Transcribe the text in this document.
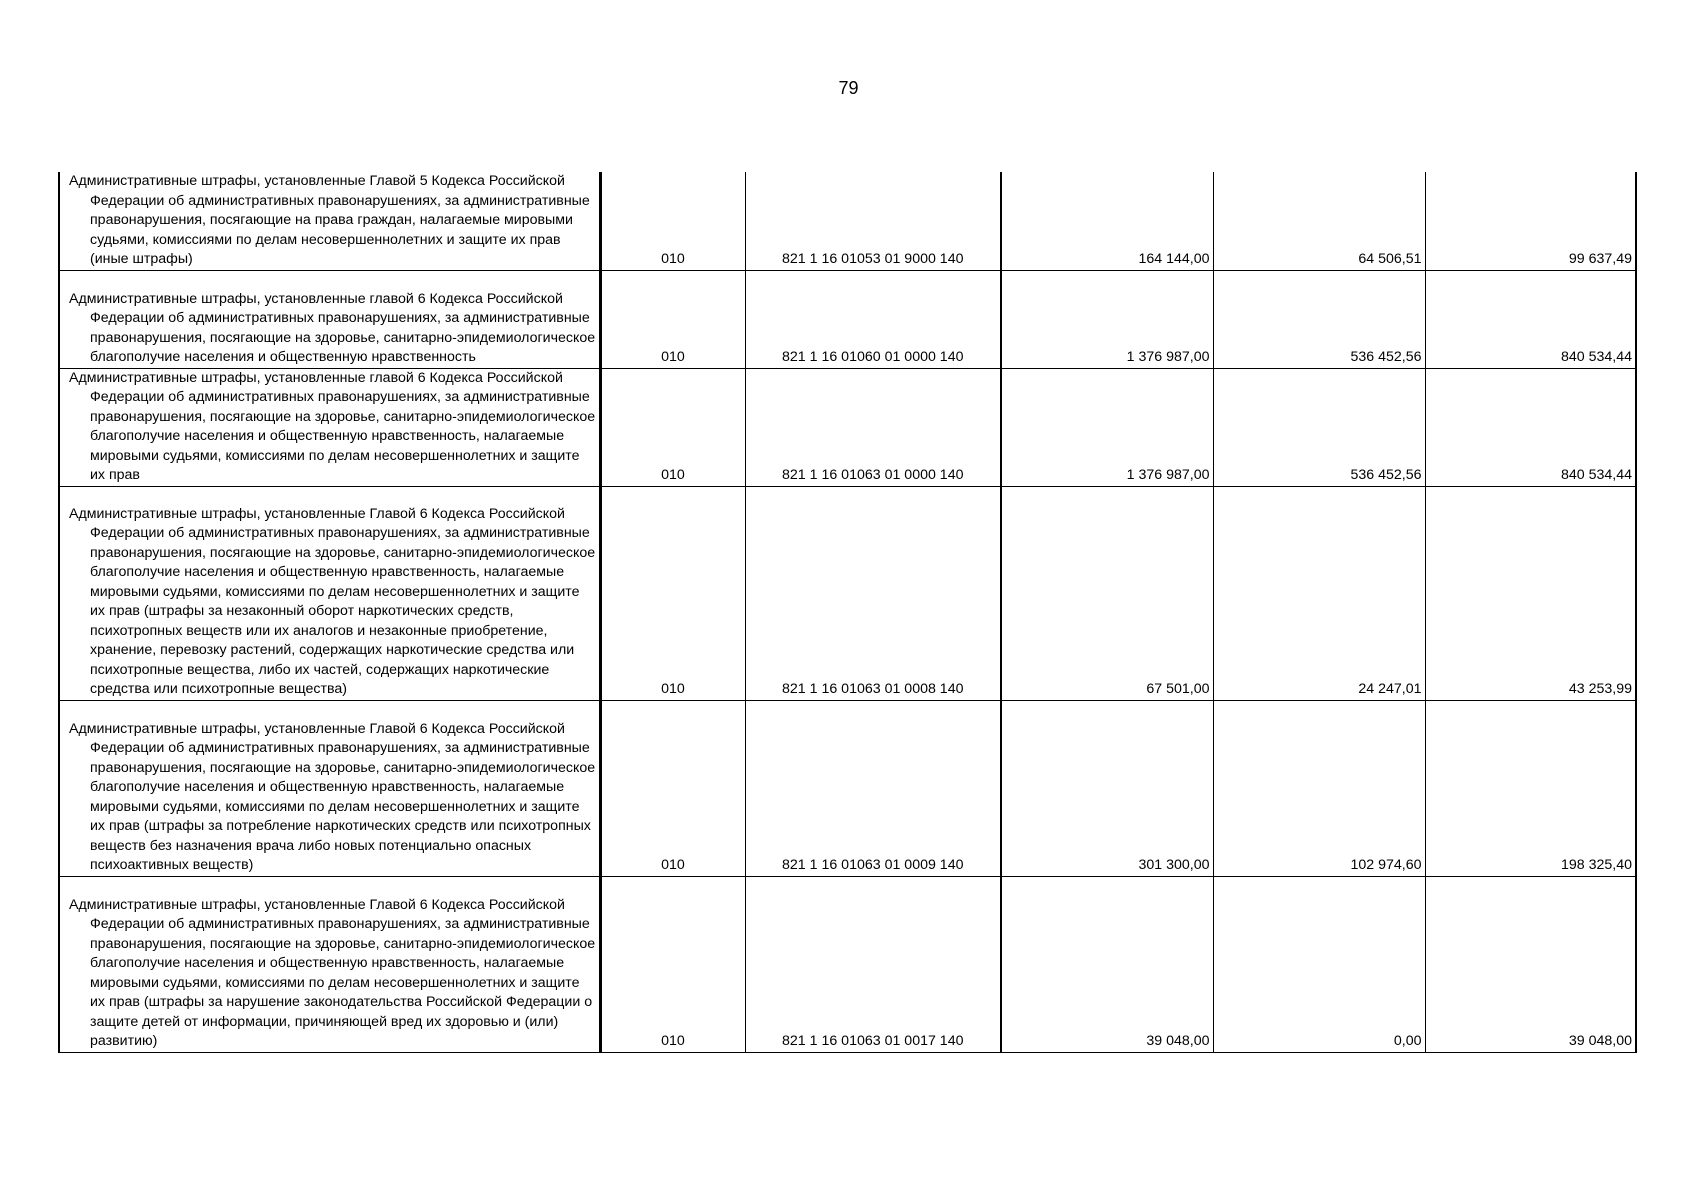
79
Административные штрафы, установленные Главой 5 Кодекса Российской Федерации об административных правонарушениях, за административные правонарушения, посягающие на права граждан, налагаемые мировыми судьями, комиссиями по делам несовершеннолетних и защите их прав (иные штрафы)	010	821 1 16 01053 01 9000 140	164 144,00	64 506,51	99 637,49
Административные штрафы, установленные главой 6 Кодекса Российской Федерации об административных правонарушениях, за административные правонарушения, посягающие на здоровье, санитарно-эпидемиологическое благополучие населения и общественную нравственность	010	821 1 16 01060 01 0000 140	1 376 987,00	536 452,56	840 534,44
Административные штрафы, установленные главой 6 Кодекса Российской Федерации об административных правонарушениях, за административные правонарушения, посягающие на здоровье, санитарно-эпидемиологическое благополучие населения и общественную нравственность, налагаемые мировыми судьями, комиссиями по делам несовершеннолетних и защите их прав	010	821 1 16 01063 01 0000 140	1 376 987,00	536 452,56	840 534,44
Административные штрафы, установленные Главой 6 Кодекса Российской Федерации об административных правонарушениях, за административные правонарушения, посягающие на здоровье, санитарно-эпидемиологическое благополучие населения и общественную нравственность, налагаемые мировыми судьями, комиссиями по делам несовершеннолетних и защите их прав (штрафы за незаконный оборот наркотических средств, психотропных веществ или их аналогов и незаконные приобретение, хранение, перевозку растений, содержащих наркотические средства или психотропные вещества, либо их частей, содержащих наркотические средства или психотропные вещества)	010	821 1 16 01063 01 0008 140	67 501,00	24 247,01	43 253,99
Административные штрафы, установленные Главой 6 Кодекса Российской Федерации об административных правонарушениях, за административные правонарушения, посягающие на здоровье, санитарно-эпидемиологическое благополучие населения и общественную нравственность, налагаемые мировыми судьями, комиссиями по делам несовершеннолетних и защите их прав (штрафы за потребление наркотических средств или психотропных веществ без назначения врача либо новых потенциально опасных психоактивных веществ)	010	821 1 16 01063 01 0009 140	301 300,00	102 974,60	198 325,40
Административные штрафы, установленные Главой 6 Кодекса Российской Федерации об административных правонарушениях, за административные правонарушения, посягающие на здоровье, санитарно-эпидемиологическое благополучие населения и общественную нравственность, налагаемые мировыми судьями, комиссиями по делам несовершеннолетних и защите их прав (штрафы за нарушение законодательства Российской Федерации о защите детей от информации, причиняющей вред их здоровью и (или) развитию)	010	821 1 16 01063 01 0017 140	39 048,00	0,00	39 048,00
